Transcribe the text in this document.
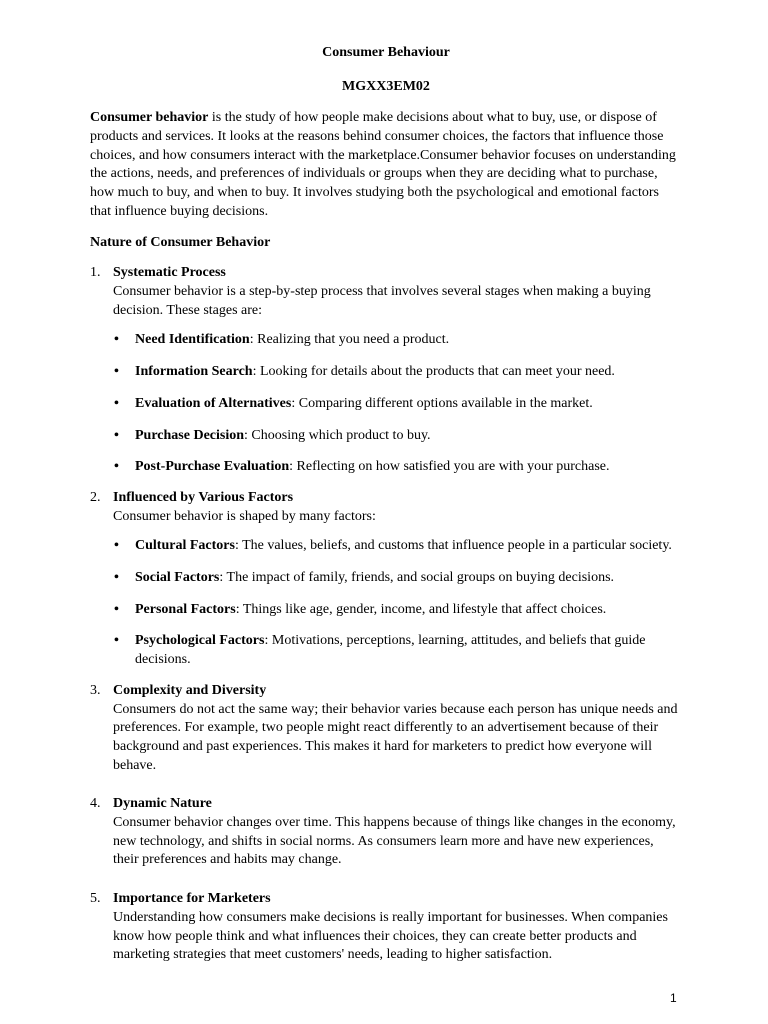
Consumer Behaviour

MGXX3EM02

Consumer behavior is the study of how people make decisions about what to buy, use, or dispose of products and services. It looks at the reasons behind consumer choices, the factors that influence those choices, and how consumers interact with the marketplace.Consumer behavior focuses on understanding the actions, needs, and preferences of individuals or groups when they are deciding what to purchase, how much to buy, and when to buy. It involves studying both the psychological and emotional factors that influence buying decisions.

Nature of Consumer Behavior

1. Systematic Process
Consumer behavior is a step-by-step process that involves several stages when making a buying decision. These stages are:
• Need Identification: Realizing that you need a product.
• Information Search: Looking for details about the products that can meet your need.
• Evaluation of Alternatives: Comparing different options available in the market.
• Purchase Decision: Choosing which product to buy.
• Post-Purchase Evaluation: Reflecting on how satisfied you are with your purchase.
2. Influenced by Various Factors
Consumer behavior is shaped by many factors:
• Cultural Factors: The values, beliefs, and customs that influence people in a particular society.
• Social Factors: The impact of family, friends, and social groups on buying decisions.
• Personal Factors: Things like age, gender, income, and lifestyle that affect choices.
• Psychological Factors: Motivations, perceptions, learning, attitudes, and beliefs that guide decisions.
3. Complexity and Diversity
Consumers do not act the same way; their behavior varies because each person has unique needs and preferences. For example, two people might react differently to an advertisement because of their background and past experiences. This makes it hard for marketers to predict how everyone will behave.
4. Dynamic Nature
Consumer behavior changes over time. This happens because of things like changes in the economy, new technology, and shifts in social norms. As consumers learn more and have new experiences, their preferences and habits may change.
5. Importance for Marketers
Understanding how consumers make decisions is really important for businesses. When companies know how people think and what influences their choices, they can create better products and marketing strategies that meet customers' needs, leading to higher satisfaction.
1
